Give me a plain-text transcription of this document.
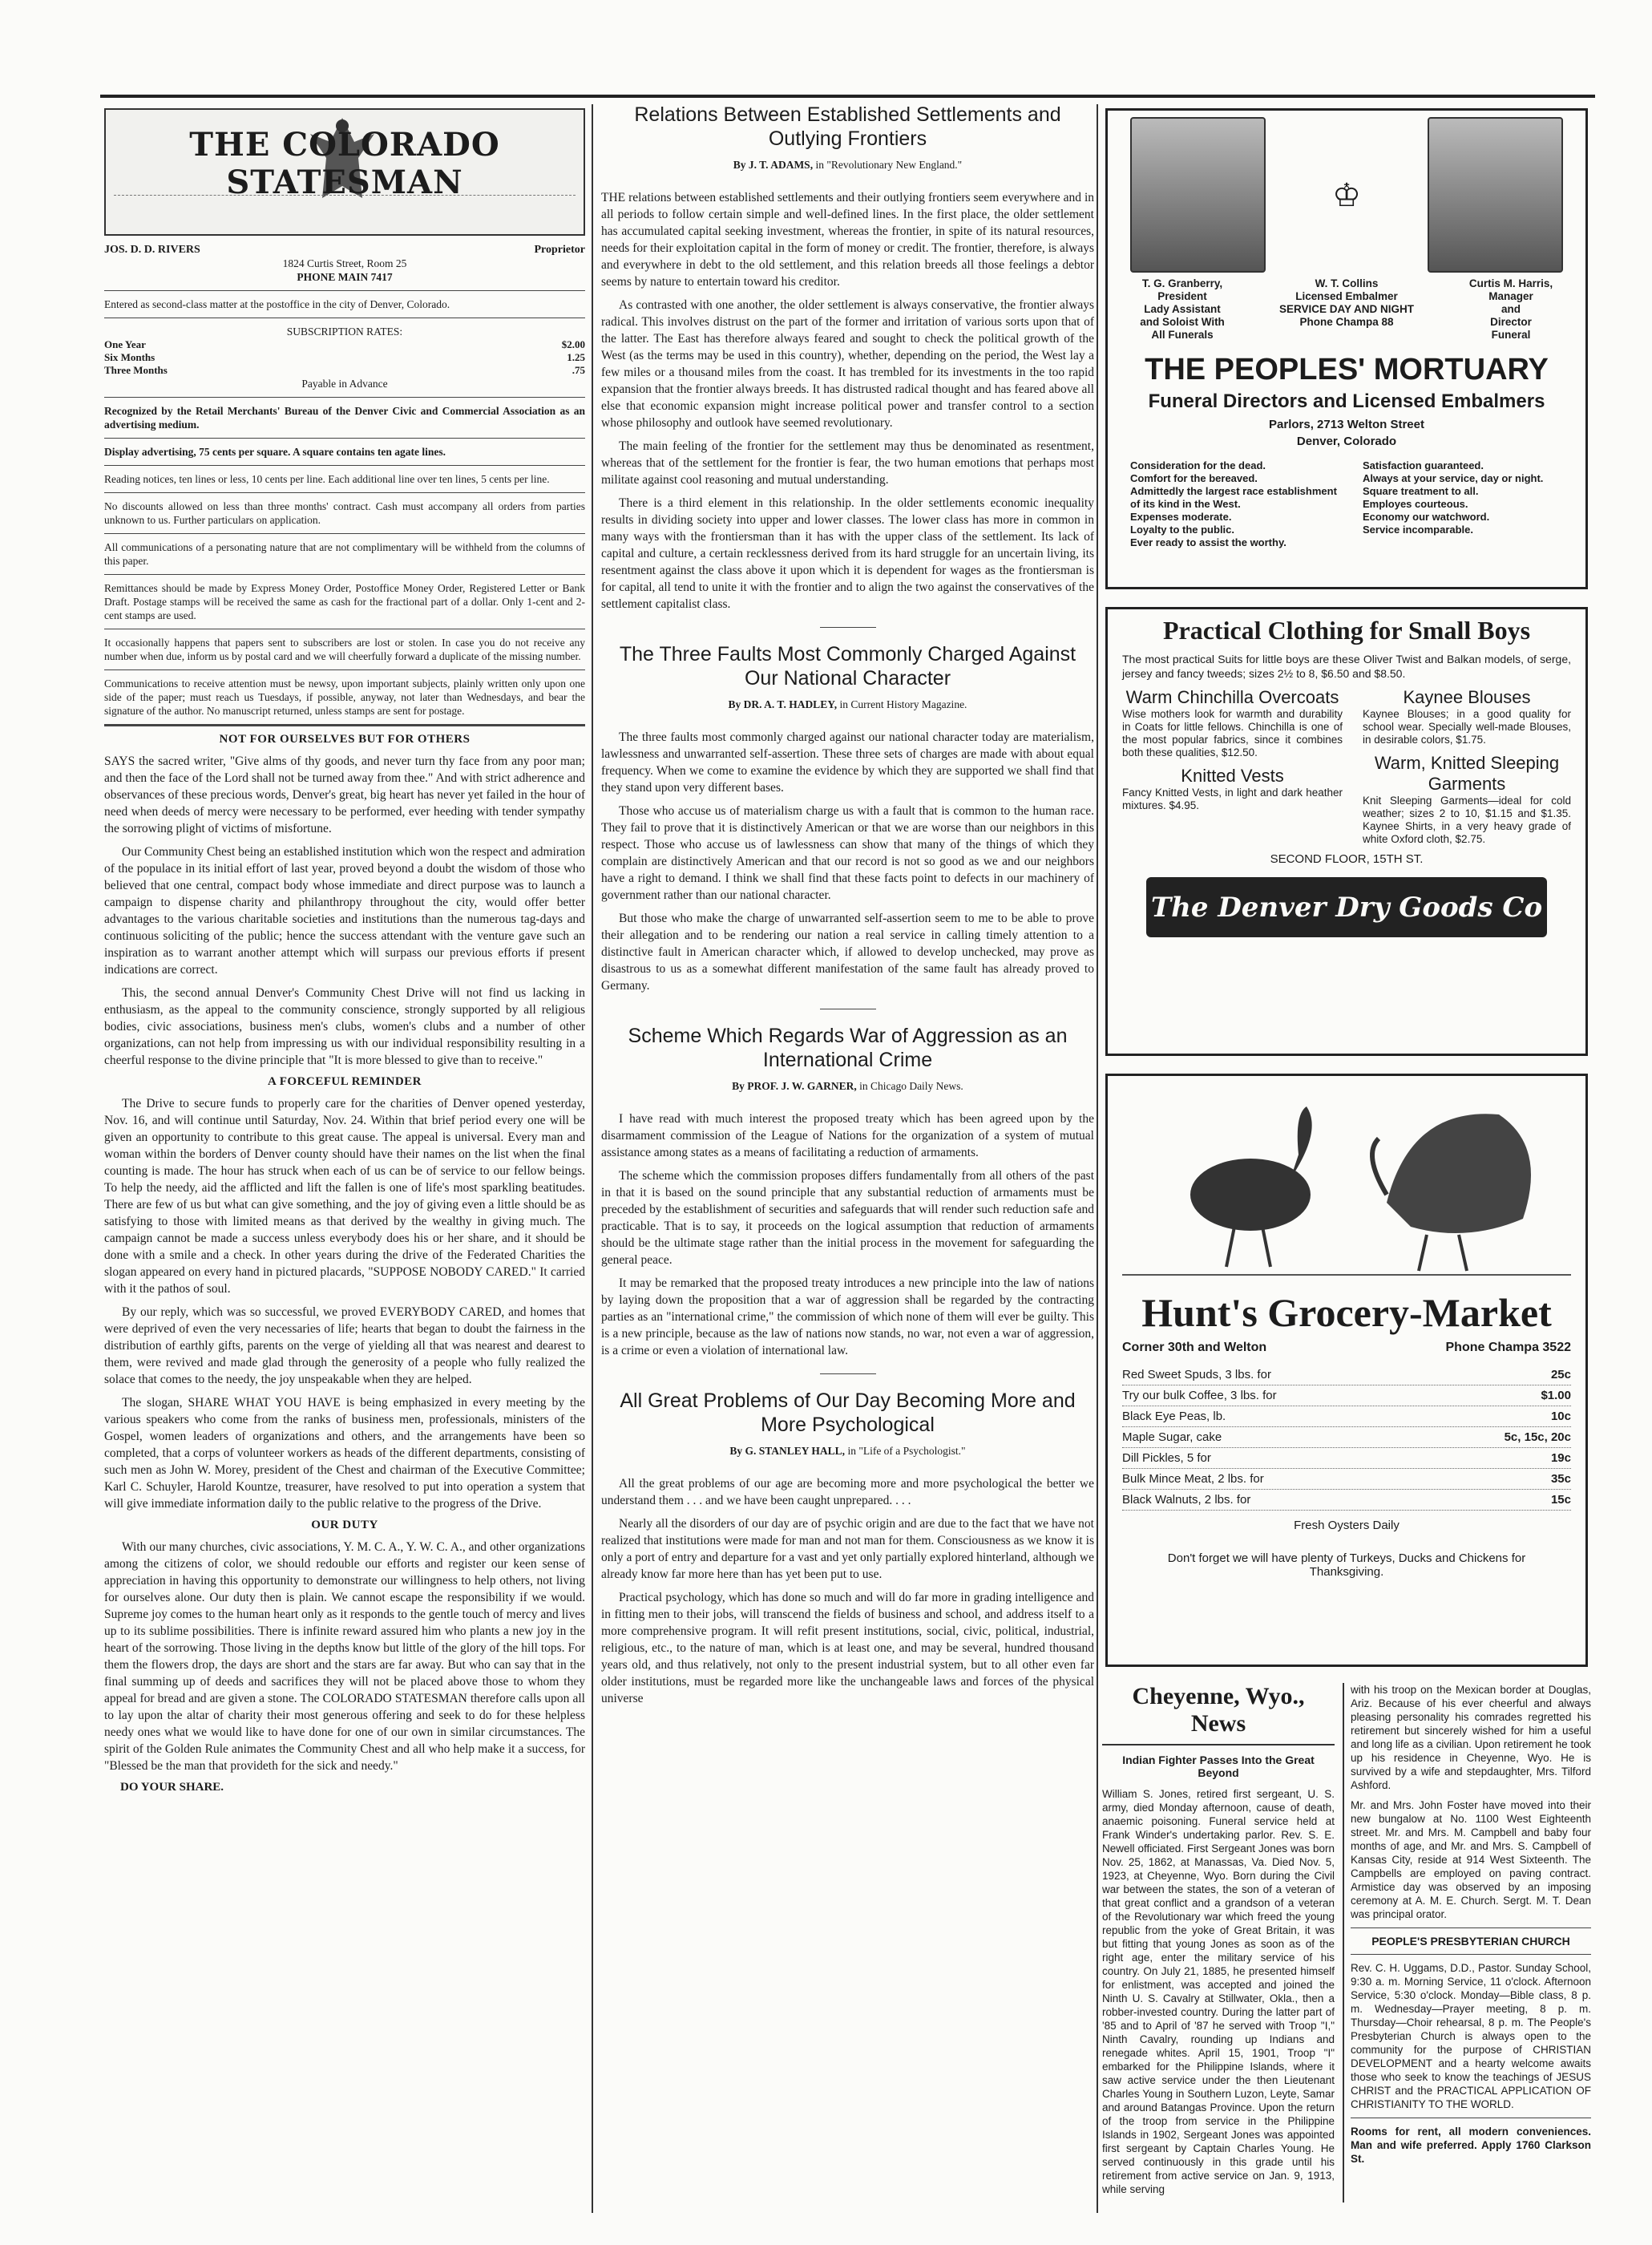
THE COLORADO STATESMAN
JOS. D. D. RIVERS	Proprietor
1824 Curtis Street, Room 25
PHONE MAIN 7417

Entered as second-class matter at the postoffice in the city of Denver, Colorado.

SUBSCRIPTION RATES:
One Year	$2.00
Six Months	1.25
Three Months	.75
Payable in Advance

Recognized by the Retail Merchants' Bureau of the Denver Civic and Commercial Association as an advertising medium.

Display advertising, 75 cents per square. A square contains ten agate lines.

Reading notices, ten lines or less, 10 cents per line. Each additional line over ten lines, 5 cents per line.

No discounts allowed on less than three months' contract. Cash must accompany all orders from parties unknown to us. Further particulars on application.

All communications of a personating nature that are not complimentary will be withheld from the columns of this paper.

Remittances should be made by Express Money Order, Postoffice Money Order, Registered Letter or Bank Draft. Postage stamps will be received the same as cash for the fractional part of a dollar. Only 1-cent and 2-cent stamps are used.

It occasionally happens that papers sent to subscribers are lost or stolen. In case you do not receive any number when due, inform us by postal card and we will cheerfully forward a duplicate of the missing number.

Communications to receive attention must be newsy, upon important subjects, plainly written only upon one side of the paper; must reach us Tuesdays, if possible, anyway, not later than Wednesdays, and bear the signature of the author. No manuscript returned, unless stamps are sent for postage.

NOT FOR OURSELVES BUT FOR OTHERS

SAYS the sacred writer, "Give alms of thy goods, and never turn thy face from any poor man; and then the face of the Lord shall not be turned away from thee." And with strict adherence and observances of these precious words, Denver's great, big heart has never yet failed in the hour of need when deeds of mercy were necessary to be performed, ever heeding with tender sympathy the sorrowing plight of victims of misfortune.

Our Community Chest being an established institution which won the respect and admiration of the populace in its initial effort of last year, proved beyond a doubt the wisdom of those who believed that one central, compact body whose immediate and direct purpose was to launch a campaign to dispense charity and philanthropy throughout the city, would offer better advantages to the various charitable societies and institutions than the numerous tag-days and continuous soliciting of the public; hence the success attendant with the venture gave such an inspiration as to warrant another attempt which will surpass our previous efforts if present indications are correct.

This, the second annual Denver's Community Chest Drive will not find us lacking in enthusiasm, as the appeal to the community conscience, strongly supported by all religious bodies, civic associations, business men's clubs, women's clubs and a number of other organizations, can not help from impressing us with our individual responsibility resulting in a cheerful response to the divine principle that "It is more blessed to give than to receive."

A FORCEFUL REMINDER

The Drive to secure funds to properly care for the charities of Denver opened yesterday, Nov. 16, and will continue until Saturday, Nov. 24. Within that brief period every one will be given an opportunity to contribute to this great cause. The appeal is universal. Every man and woman within the borders of Denver county should have their names on the list when the final counting is made. The hour has struck when each of us can be of service to our fellow beings. To help the needy, aid the afflicted and lift the fallen is one of life's most sparkling beatitudes. There are few of us but what can give something, and the joy of giving even a little should be as satisfying to those with limited means as that derived by the wealthy in giving much. The campaign cannot be made a success unless everybody does his or her share, and it should be done with a smile and a check. In other years during the drive of the Federated Charities the slogan appeared on every hand in pictured placards, "SUPPOSE NOBODY CARED." It carried with it the pathos of soul.

By our reply, which was so successful, we proved EVERYBODY CARED, and homes that were deprived of even the very necessaries of life; hearts that began to doubt the fairness in the distribution of earthly gifts, parents on the verge of yielding all that was nearest and dearest to them, were revived and made glad through the generosity of a people who fully realized the solace that comes to the needy, the joy unspeakable when they are helped.

The slogan, SHARE WHAT YOU HAVE is being emphasized in every meeting by the various speakers who come from the ranks of business men, professionals, ministers of the Gospel, women leaders of organizations and others, and the arrangements have been so completed, that a corps of volunteer workers as heads of the different departments, consisting of such men as John W. Morey, president of the Chest and chairman of the Executive Committee; Karl C. Schuyler, Harold Kountze, treasurer, have resolved to put into operation a system that will give immediate information daily to the public relative to the progress of the Drive.

OUR DUTY

With our many churches, civic associations, Y. M. C. A., Y. W. C. A., and other organizations among the citizens of color, we should redouble our efforts and register our keen sense of appreciation in having this opportunity to demonstrate our willingness to help others, not living for ourselves alone. Our duty then is plain. We cannot escape the responsibility if we would. Supreme joy comes to the human heart only as it responds to the gentle touch of mercy and lives up to its sublime possibilities. There is infinite reward assured him who plants a new joy in the heart of the sorrowing. Those living in the depths know but little of the glory of the hill tops. For them the flowers drop, the days are short and the stars are far away. But who can say that in the final summing up of deeds and sacrifices they will not be placed above those to whom they appeal for bread and are given a stone. The COLORADO STATESMAN therefore calls upon all to lay upon the altar of charity their most generous offering and seek to do for these helpless needy ones what we would like to have done for one of our own in similar circumstances. The spirit of the Golden Rule animates the Community Chest and all who help make it a success, for "Blessed be the man that provideth for the sick and needy."

DO YOUR SHARE.
Relations Between Established Settlements and Outlying Frontiers
By J. T. ADAMS, in "Revolutionary New England."

THE relations between established settlements and their outlying frontiers seem everywhere and in all periods to follow certain simple and well-defined lines. In the first place, the older settlement has accumulated capital seeking investment, whereas the frontier, in spite of its natural resources, needs for their exploitation capital in the form of money or credit. The frontier, therefore, is always and everywhere in debt to the old settlement, and this relation breeds all those feelings a debtor seems by nature to entertain toward his creditor.

As contrasted with one another, the older settlement is always conservative, the frontier always radical. This involves distrust on the part of the former and irritation of various sorts upon that of the latter. The East has therefore always feared and sought to check the political growth of the West (as the terms may be used in this country), whether, depending on the period, the West lay a few miles or a thousand miles from the coast. It has trembled for its investments in the too rapid expansion that the frontier always breeds. It has distrusted radical thought and has feared above all else that economic expansion might increase political power and transfer control to a section whose philosophy and outlook have seemed revolutionary.

The main feeling of the frontier for the settlement may thus be denominated as resentment, whereas that of the settlement for the frontier is fear, the two human emotions that perhaps most militate against cool reasoning and mutual understanding.

There is a third element in this relationship. In the older settlements economic inequality results in dividing society into upper and lower classes. The lower class has more in common in many ways with the frontiersman than it has with the upper class of the settlement. Its lack of capital and culture, a certain recklessness derived from its hard struggle for an uncertain living, its resentment against the class above it upon which it is dependent for wages as the frontiersman is for capital, all tend to unite it with the frontier and to align the two against the conservatives of the settlement capitalist class.

The Three Faults Most Commonly Charged Against Our National Character
By DR. A. T. HADLEY, in Current History Magazine.

The three faults most commonly charged against our national character today are materialism, lawlessness and unwarranted self-assertion. These three sets of charges are made with about equal frequency. When we come to examine the evidence by which they are supported we shall find that they stand upon very different bases.

Those who accuse us of materialism charge us with a fault that is common to the human race. They fail to prove that it is distinctively American or that we are worse than our neighbors in this respect. Those who accuse us of lawlessness can show that many of the things of which they complain are distinctively American and that our record is not so good as we and our neighbors have a right to demand. I think we shall find that these facts point to defects in our machinery of government rather than our national character.

But those who make the charge of unwarranted self-assertion seem to me to be able to prove their allegation and to be rendering our nation a real service in calling timely attention to a distinctive fault in American character which, if allowed to develop unchecked, may prove as disastrous to us as a somewhat different manifestation of the same fault has already proved to Germany.

Scheme Which Regards War of Aggression as an International Crime
By PROF. J. W. GARNER, in Chicago Daily News.

I have read with much interest the proposed treaty which has been agreed upon by the disarmament commission of the League of Nations for the organization of a system of mutual assistance among states as a means of facilitating a reduction of armaments.

The scheme which the commission proposes differs fundamentally from all others of the past in that it is based on the sound principle that any substantial reduction of armaments must be preceded by the establishment of securities and safeguards that will render such reduction safe and practicable. That is to say, it proceeds on the logical assumption that reduction of armaments should be the ultimate stage rather than the initial process in the movement for safeguarding the general peace.

It may be remarked that the proposed treaty introduces a new principle into the law of nations by laying down the proposition that a war of aggression shall be regarded by the contracting parties as an "international crime," the commission of which none of them will ever be guilty. This is a new principle, because as the law of nations now stands, no war, not even a war of aggression, is a crime or even a violation of international law.

All Great Problems of Our Day Becoming More and More Psychological
By G. STANLEY HALL, in "Life of a Psychologist."

All the great problems of our age are becoming more and more psychological the better we understand them . . . and we have been caught unprepared. . . .

Nearly all the disorders of our day are of psychic origin and are due to the fact that we have not realized that institutions were made for man and not man for them. Consciousness as we know it is only a port of entry and departure for a vast and yet only partially explored hinterland, although we already know far more here than has yet been put to use.

Practical psychology, which has done so much and will do far more in grading intelligence and in fitting men to their jobs, will transcend the fields of business and school, and address itself to a more comprehensive program. It will refit present institutions, social, civic, political, industrial, religious, etc., to the nature of man, which is at least one, and may be several, hundred thousand years old, and thus relatively, not only to the present industrial system, but to all other even far older institutions, must be regarded more like the unchangeable laws and forces of the physical universe

♔
T. G. Granberry,
President
Lady Assistant
and Soloist With
All Funerals
W. T. Collins
Licensed Embalmer
SERVICE DAY AND NIGHT
Phone Champa 88
Curtis M. Harris,
Manager
and
Director
Funeral
THE PEOPLES' MORTUARY
Funeral Directors and Licensed Embalmers
Parlors, 2713 Welton Street
Denver, Colorado
Consideration for the dead.
Comfort for the bereaved.
Admittedly the largest race establishment of its kind in the West.
Expenses moderate.
Loyalty to the public.
Ever ready to assist the worthy.
Satisfaction guaranteed.
Always at your service, day or night.
Square treatment to all.
Employes courteous.
Economy our watchword.
Service incomparable.
Practical Clothing for Small Boys

The most practical Suits for little boys are these Oliver Twist and Balkan models, of serge, jersey and fancy tweeds; sizes 2½ to 8, $6.50 and $8.50.

Warm Chinchilla Overcoats

Wise mothers look for warmth and durability in Coats for little fellows. Chinchilla is one of the most popular fabrics, since it combines both these qualities, $12.50.

Knitted Vests

Fancy Knitted Vests, in light and dark heather mixtures. $4.95.

Kaynee Blouses

Kaynee Blouses; in a good quality for school wear. Specially well-made Blouses, in desirable colors, $1.75.

Warm, Knitted Sleeping Garments

Knit Sleeping Garments—ideal for cold weather; sizes 2 to 10, $1.15 and $1.35. Kaynee Shirts, in a very heavy grade of white Oxford cloth, $2.75.

SECOND FLOOR, 15TH ST.
The Denver Dry Goods Co
Hunt's Grocery-Market
Corner 30th and Welton	Phone Champa 3522
Red Sweet Spuds, 3 lbs. for	25c
Try our bulk Coffee, 3 lbs. for	$1.00
Black Eye Peas, lb.	10c
Maple Sugar, cake	5c, 15c, 20c
Dill Pickles, 5 for	19c
Bulk Mince Meat, 2 lbs. for	35c
Black Walnuts, 2 lbs. for	15c
Fresh Oysters Daily
Don't forget we will have plenty of Turkeys, Ducks and Chickens for Thanksgiving.
Cheyenne, Wyo., News
Indian Fighter Passes Into the Great Beyond

William S. Jones, retired first sergeant, U. S. army, died Monday afternoon, cause of death, anaemic poisoning. Funeral service held at Frank Winder's undertaking parlor. Rev. S. E. Newell officiated. First Sergeant Jones was born Nov. 25, 1862, at Manassas, Va. Died Nov. 5, 1923, at Cheyenne, Wyo. Born during the Civil war between the states, the son of a veteran of that great conflict and a grandson of a veteran of the Revolutionary war which freed the young republic from the yoke of Great Britain, it was but fitting that young Jones as soon as of the right age, enter the military service of his country. On July 21, 1885, he presented himself for enlistment, was accepted and joined the Ninth U. S. Cavalry at Stillwater, Okla., then a robber-invested country. During the latter part of '85 and to April of '87 he served with Troop "I," Ninth Cavalry, rounding up Indians and renegade whites. April 15, 1901, Troop "I" embarked for the Philippine Islands, where it saw active service under the then Lieutenant Charles Young in Southern Luzon, Leyte, Samar and around Batangas Province. Upon the return of the troop from service in the Philippine Islands in 1902, Sergeant Jones was appointed first sergeant by Captain Charles Young. He served continuously in this grade until his retirement from active service on Jan. 9, 1913, while serving

with his troop on the Mexican border at Douglas, Ariz. Because of his ever cheerful and always pleasing personality his comrades regretted his retirement but sincerely wished for him a useful and long life as a civilian. Upon retirement he took up his residence in Cheyenne, Wyo. He is survived by a wife and stepdaughter, Mrs. Tilford Ashford.

Mr. and Mrs. John Foster have moved into their new bungalow at No. 1100 West Eighteenth street. Mr. and Mrs. M. Campbell and baby four months of age, and Mr. and Mrs. S. Campbell of Kansas City, reside at 914 West Sixteenth. The Campbells are employed on paving contract. Armistice day was observed by an imposing ceremony at A. M. E. Church. Sergt. M. T. Dean was principal orator.

PEOPLE'S PRESBYTERIAN CHURCH

Rev. C. H. Uggams, D.D., Pastor. Sunday School, 9:30 a. m. Morning Service, 11 o'clock. Afternoon Service, 5:30 o'clock. Monday—Bible class, 8 p. m. Wednesday—Prayer meeting, 8 p. m. Thursday—Choir rehearsal, 8 p. m. The People's Presbyterian Church is always open to the community for the purpose of CHRISTIAN DEVELOPMENT and a hearty welcome awaits those who seek to know the teachings of JESUS CHRIST and the PRACTICAL APPLICATION OF CHRISTIANITY TO THE WORLD.

Rooms for rent, all modern conveniences. Man and wife preferred. Apply 1760 Clarkson St.
